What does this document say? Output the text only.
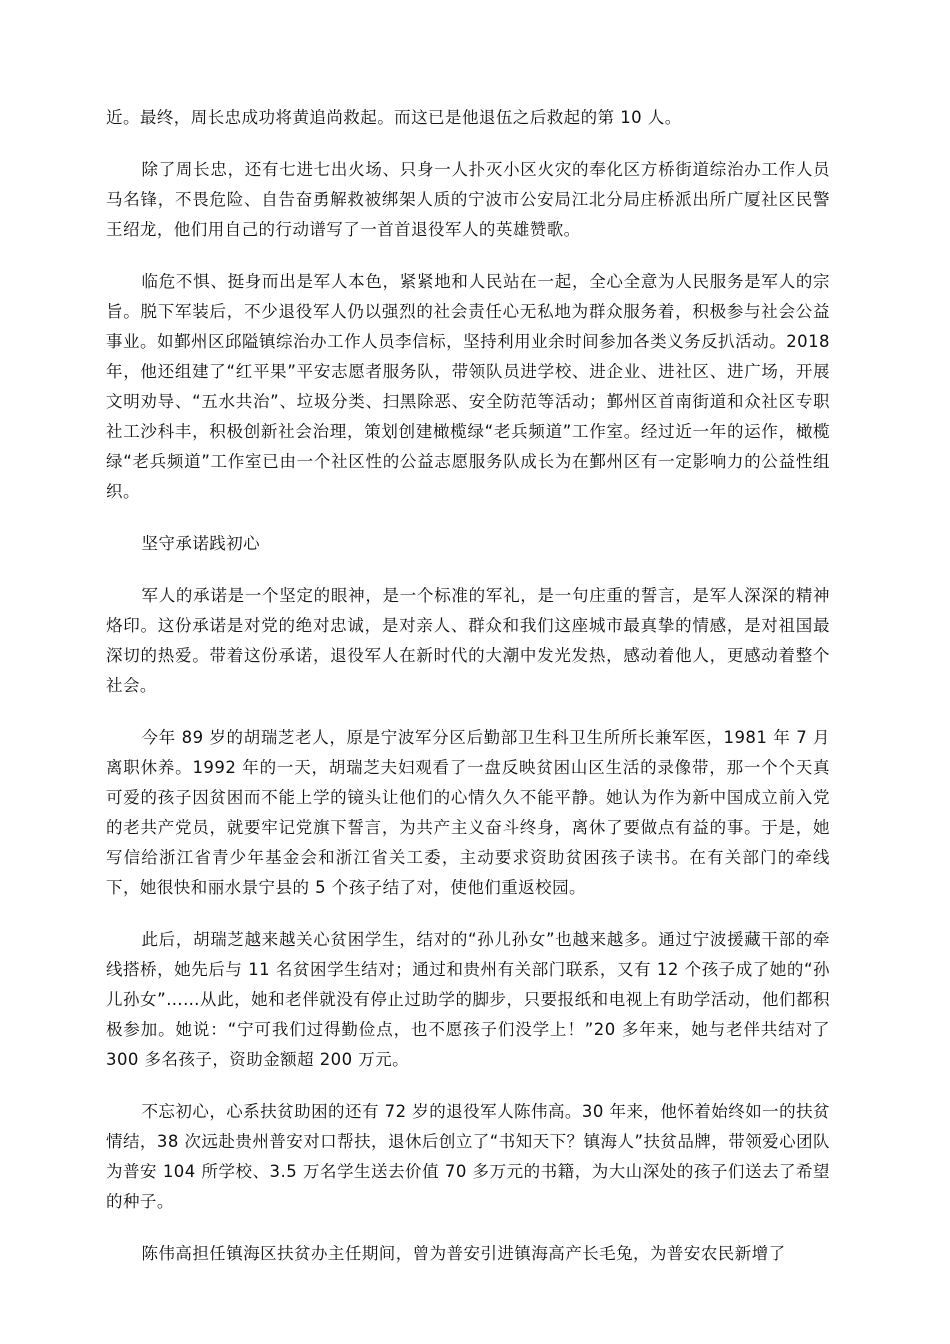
近。最终，周长忠成功将黄追尚救起。而这已是他退伍之后救起的第 10 人。

除了周长忠，还有七进七出火场、只身一人扑灭小区火灾的奉化区方桥街道综治办工作人员马名锋，不畏危险、自告奋勇解救被绑架人质的宁波市公安局江北分局庄桥派出所广厦社区民警王绍龙，他们用自己的行动谱写了一首首退役军人的英雄赞歌。

临危不惧、挺身而出是军人本色，紧紧地和人民站在一起，全心全意为人民服务是军人的宗旨。脱下军装后，不少退役军人仍以强烈的社会责任心无私地为群众服务着，积极参与社会公益事业。如鄞州区邱隘镇综治办工作人员李信标，坚持利用业余时间参加各类义务反扒活动。2018 年，他还组建了“红平果”平安志愿者服务队，带领队员进学校、进企业、进社区、进广场，开展文明劝导、“五水共治”、垃圾分类、扫黑除恶、安全防范等活动；鄞州区首南街道和众社区专职社工沙科丰，积极创新社会治理，策划创建橄榄绿“老兵频道”工作室。经过近一年的运作，橄榄绿“老兵频道”工作室已由一个社区性的公益志愿服务队成长为在鄞州区有一定影响力的公益性组织。

坚守承诺践初心

军人的承诺是一个坚定的眼神，是一个标准的军礼，是一句庄重的誓言，是军人深深的精神烙印。这份承诺是对党的绝对忠诚，是对亲人、群众和我们这座城市最真挚的情感，是对祖国最深切的热爱。带着这份承诺，退役军人在新时代的大潮中发光发热，感动着他人，更感动着整个社会。

今年 89 岁的胡瑞芝老人，原是宁波军分区后勤部卫生科卫生所所长兼军医，1981 年 7 月离职休养。1992 年的一天，胡瑞芝夫妇观看了一盘反映贫困山区生活的录像带，那一个个天真可爱的孩子因贫困而不能上学的镜头让他们的心情久久不能平静。她认为作为新中国成立前入党的老共产党员，就要牢记党旗下誓言，为共产主义奋斗终身，离休了要做点有益的事。于是，她写信给浙江省青少年基金会和浙江省关工委，主动要求资助贫困孩子读书。在有关部门的牵线下，她很快和丽水景宁县的 5 个孩子结了对，使他们重返校园。

此后，胡瑞芝越来越关心贫困学生，结对的“孙儿孙女”也越来越多。通过宁波援藏干部的牵线搭桥，她先后与 11 名贫困学生结对；通过和贵州有关部门联系，又有 12 个孩子成了她的“孙儿孙女”……从此，她和老伴就没有停止过助学的脚步，只要报纸和电视上有助学活动，他们都积极参加。她说：“宁可我们过得勤俭点，也不愿孩子们没学上！”20 多年来，她与老伴共结对了 300 多名孩子，资助金额超 200 万元。

不忘初心，心系扶贫助困的还有 72 岁的退役军人陈伟高。30 年来，他怀着始终如一的扶贫情结，38 次远赴贵州普安对口帮扶，退休后创立了“书知天下？镇海人”扶贫品牌，带领爱心团队为普安 104 所学校、3.5 万名学生送去价值 70 多万元的书籍，为大山深处的孩子们送去了希望的种子。

陈伟高担任镇海区扶贫办主任期间，曾为普安引进镇海高产长毛兔，为普安农民新增了
